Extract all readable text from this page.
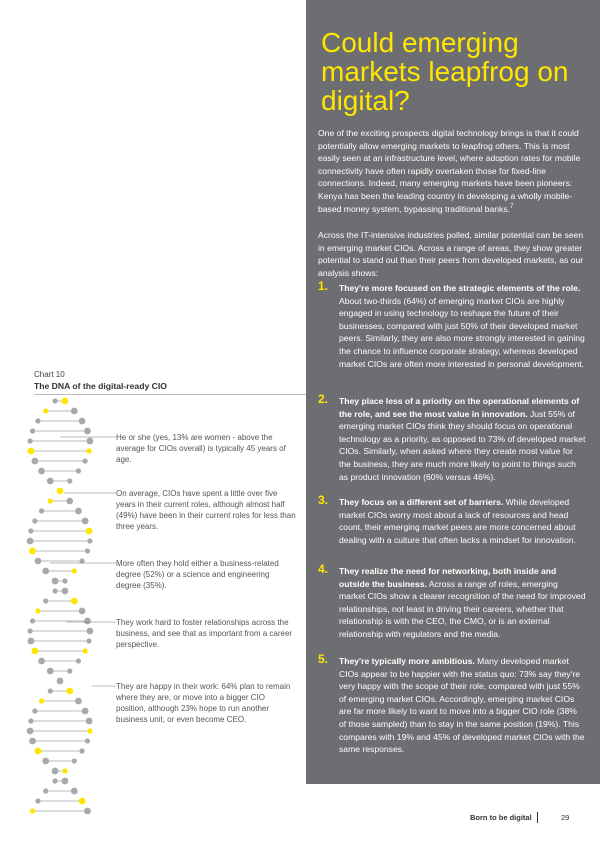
Could emerging markets leapfrog on digital?

One of the exciting prospects digital technology brings is that it could potentially allow emerging markets to leapfrog others. This is most easily seen at an infrastructure level, where adoption rates for mobile connectivity have often rapidly overtaken those for fixed-line connections. Indeed, many emerging markets have been pioneers: Kenya has been the leading country in developing a wholly mobile-based money system, bypassing traditional banks.$^7$

Across the IT-intensive industries polled, similar potential can be seen in emerging market CIOs. Across a range of areas, they show greater potential to stand out than their peers from developed markets, as our analysis shows:

1. They're more focused on the strategic elements of the role. About two-thirds (64%) of emerging market CIOs are highly engaged in using technology to reshape the future of their businesses, compared with just 50% of their developed market peers. Similarly, they are also more strongly interested in gaining the chance to influence corporate strategy, whereas developed market CIOs are often more interested in personal development.
2. They place less of a priority on the operational elements of the role, and see the most value in innovation. Just 55% of emerging market CIOs think they should focus on operational technology as a priority, as opposed to 73% of developed market CIOs. Similarly, when asked where they create most value for the business, they are much more likely to point to things such as product innovation (60% versus 46%).
3. They focus on a different set of barriers. While developed market CIOs worry most about a lack of resources and head count, their emerging market peers are more concerned about dealing with a culture that often lacks a mindset for innovation.
4. They realize the need for networking, both inside and outside the business. Across a range of roles, emerging market CIOs show a clearer recognition of the need for improved relationships, not least in driving their careers, whether that relationship is with the CEO, the CMO, or is an external relationship with regulators and the media.
5. They're typically more ambitious. Many developed market CIOs appear to be happier with the status quo: 73% say they're very happy with the scope of their role, compared with just 55% of emerging market CIOs. Accordingly, emerging market CIOs are far more likely to want to move into a bigger CIO role (38% of those sampled) than to stay in the same position (19%). This compares with 19% and 45% of developed market CIOs with the same responses.
Chart 10
The DNA of the digital-ready CIO
He or she (yes, 13% are women - above the average for CIOs overall) is typically 45 years of age.
On average, CIOs have spent a little over five years in their current roles, although almost half (49%) have been in their current roles for less than three years.
More often they hold either a business-related degree (52%) or a science and engineering degree (35%).
They work hard to foster relationships across the business, and see that as important from a career perspective.
They are happy in their work: 64% plan to remain where they are, or move into a bigger CIO position, although 23% hope to run another business unit, or even become CEO.
Born to be digital	29
